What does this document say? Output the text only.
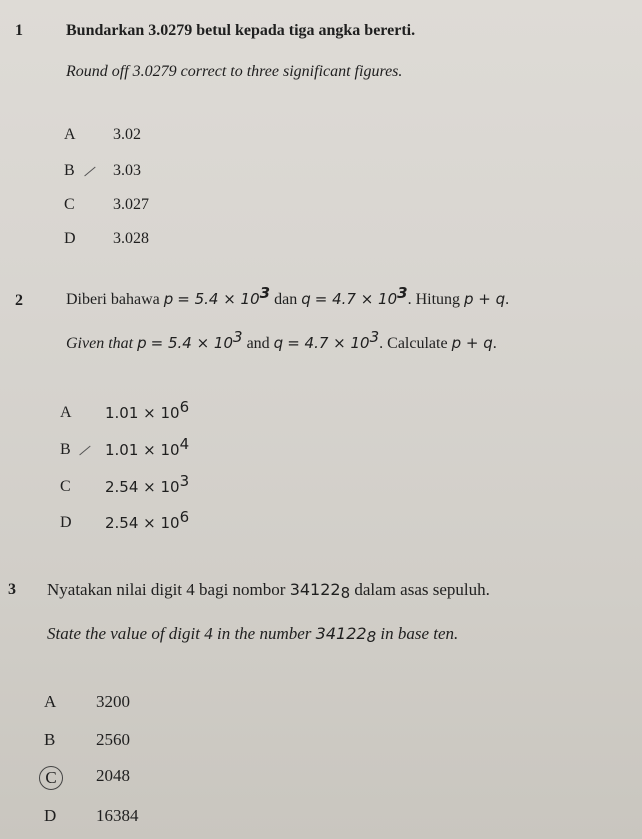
1	Bundarkan 3.0279 betul kepada tiga angka bererti.
Round off 3.0279 correct to three significant figures.
A 3.02
B 3.03
C 3.027
D 3.028
2	Diberi bahawa $p = 5.4 \times 10^3$ dan $q = 4.7 \times 10^3$. Hitung p + q.
Given that $p = 5.4 \times 10^3$ and $q = 4.7 \times 10^3$. Calculate p + q.
A $1.01 \times 10^6$
B $1.01 \times 10^4$
C $2.54 \times 10^3$
D $2.54 \times 10^6$
3 Nyatakan nilai digit 4 bagi nombor $34122_8$ dalam asas sepuluh.
State the value of digit 4 in the number $34122_8$ in base ten.
A 3200
B 2560
C	2048
D 16384
